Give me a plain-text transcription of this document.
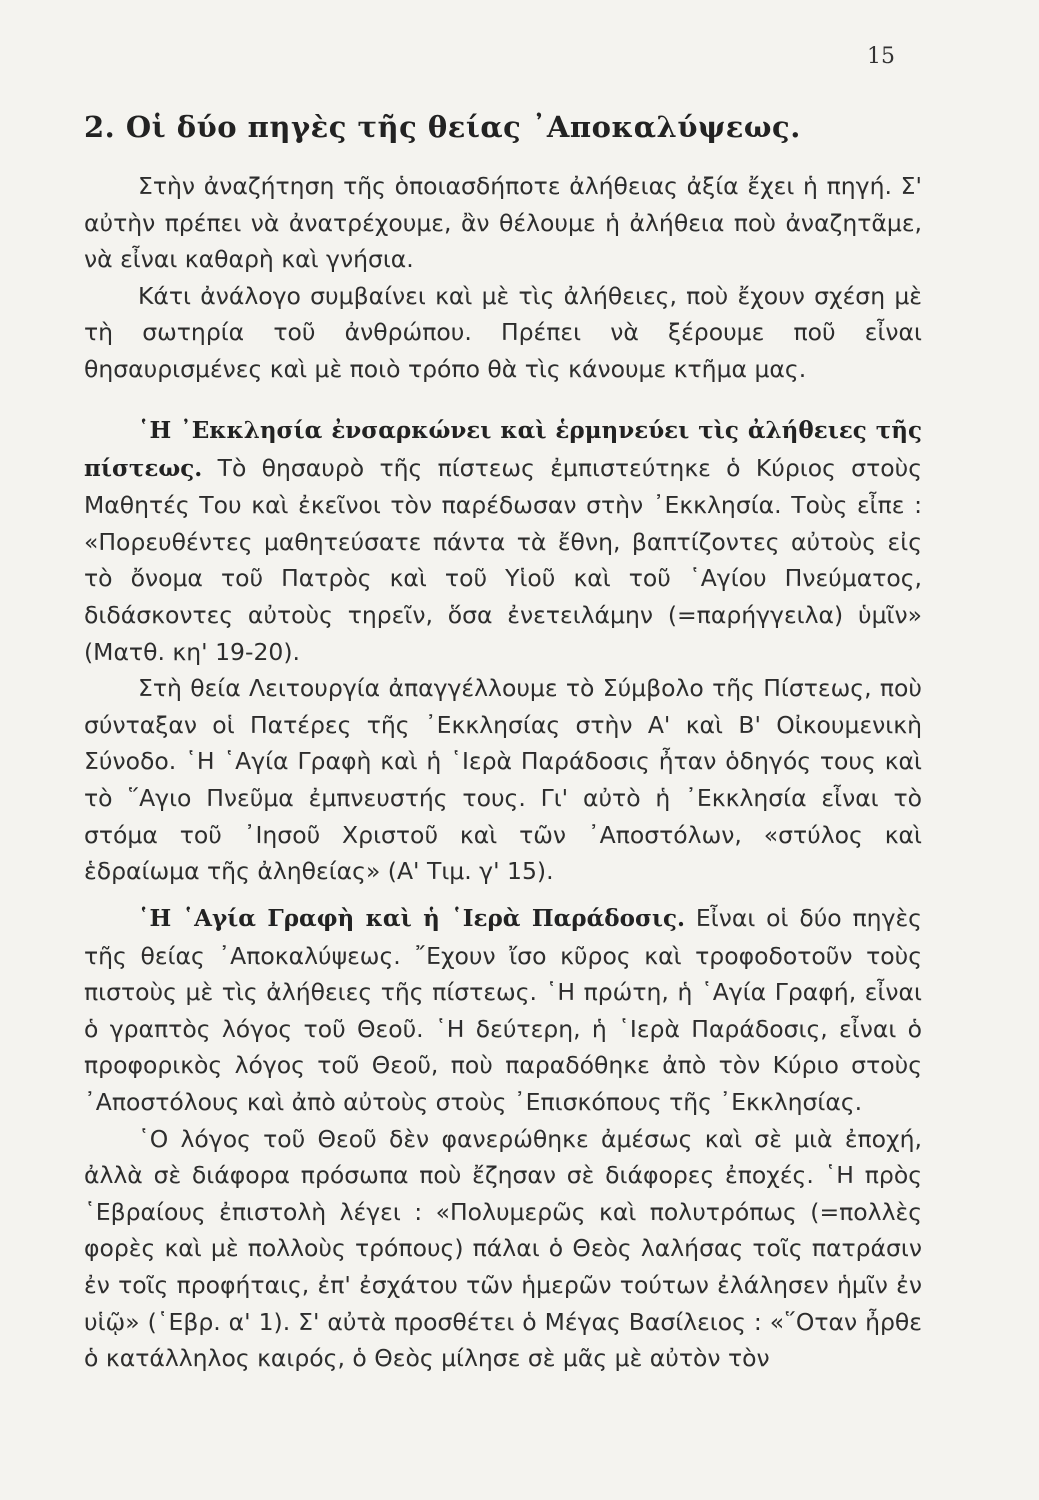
15
2. Οἱ δύο πηγὲς τῆς θείας ᾿Αποκαλύψεως.

Στὴν ἀναζήτηση τῆς ὁποιασδήποτε ἀλήθειας ἀξία ἔχει ἡ πηγή. Σ' αὐτὴν πρέπει νὰ ἀνατρέχουμε, ἂν θέλουμε ἡ ἀλήθεια ποὺ ἀναζητᾶμε, νὰ εἶναι καθαρὴ καὶ γνήσια.

Κάτι ἀνάλογο συμβαίνει καὶ μὲ τὶς ἀλήθειες, ποὺ ἔχουν σχέση μὲ τὴ σωτηρία τοῦ ἀνθρώπου. Πρέπει νὰ ξέρουμε ποῦ εἶναι θησαυρισμένες καὶ μὲ ποιὸ τρόπο θὰ τὶς κάνουμε κτῆμα μας.

῾Η ᾿Εκκλησία ἐνσαρκώνει καὶ ἑρμηνεύει τὶς ἀλήθειες τῆς πίστεως. Τὸ θησαυρὸ τῆς πίστεως ἐμπιστεύτηκε ὁ Κύριος στοὺς Μαθητές Του καὶ ἐκεῖνοι τὸν παρέδωσαν στὴν ᾿Εκκλησία. Τοὺς εἶπε : «Πορευθέντες μαθητεύσατε πάντα τὰ ἔθνη, βαπτίζοντες αὐτοὺς εἰς τὸ ὄνομα τοῦ Πατρὸς καὶ τοῦ Υἱοῦ καὶ τοῦ ῾Αγίου Πνεύματος, διδάσκοντες αὐτοὺς τηρεῖν, ὅσα ἐνετειλάμην (=παρήγγειλα) ὑμῖν» (Ματθ. κη' 19-20).

Στὴ θεία Λειτουργία ἀπαγγέλλουμε τὸ Σύμβολο τῆς Πίστεως, ποὺ σύνταξαν οἱ Πατέρες τῆς ᾿Εκκλησίας στὴν Α' καὶ Β' Οἰκουμενικὴ Σύνοδο. ῾Η ῾Αγία Γραφὴ καὶ ἡ ῾Ιερὰ Παράδοσις ἦταν ὁδηγός τους καὶ τὸ ῞Αγιο Πνεῦμα ἐμπνευστής τους. Γι' αὐτὸ ἡ ᾿Εκκλησία εἶναι τὸ στόμα τοῦ ᾿Ιησοῦ Χριστοῦ καὶ τῶν ᾿Αποστόλων, «στύλος καὶ ἑδραίωμα τῆς ἀληθείας» (Α' Τιμ. γ' 15).

῾Η ῾Αγία Γραφὴ καὶ ἡ ῾Ιερὰ Παράδοσις. Εἶναι οἱ δύο πηγὲς τῆς θείας ᾿Αποκαλύψεως. ῎Εχουν ἴσο κῦρος καὶ τροφοδοτοῦν τοὺς πιστοὺς μὲ τὶς ἀλήθειες τῆς πίστεως. ῾Η πρώτη, ἡ ῾Αγία Γραφή, εἶναι ὁ γραπτὸς λόγος τοῦ Θεοῦ. ῾Η δεύτερη, ἡ ῾Ιερὰ Παράδοσις, εἶναι ὁ προφορικὸς λόγος τοῦ Θεοῦ, ποὺ παραδόθηκε ἀπὸ τὸν Κύριο στοὺς ᾿Αποστόλους καὶ ἀπὸ αὐτοὺς στοὺς ᾿Επισκόπους τῆς ᾿Εκκλησίας.

῾Ο λόγος τοῦ Θεοῦ δὲν φανερώθηκε ἀμέσως καὶ σὲ μιὰ ἐποχή, ἀλλὰ σὲ διάφορα πρόσωπα ποὺ ἔζησαν σὲ διάφορες ἐποχές. ῾Η πρὸς ῾Εβραίους ἐπιστολὴ λέγει : «Πολυμερῶς καὶ πολυτρόπως (=πολλὲς φορὲς καὶ μὲ πολλοὺς τρόπους) πάλαι ὁ Θεὸς λαλήσας τοῖς πατράσιν ἐν τοῖς προφήταις, ἐπ' ἐσχάτου τῶν ἡμερῶν τούτων ἐλάλησεν ἡμῖν ἐν υἱῷ» (῾Εβρ. α' 1). Σ' αὐτὰ προσθέτει ὁ Μέγας Βασίλειος : «῞Οταν ἦρθε ὁ κατάλληλος καιρός, ὁ Θεὸς μίλησε σὲ μᾶς μὲ αὐτὸν τὸν
